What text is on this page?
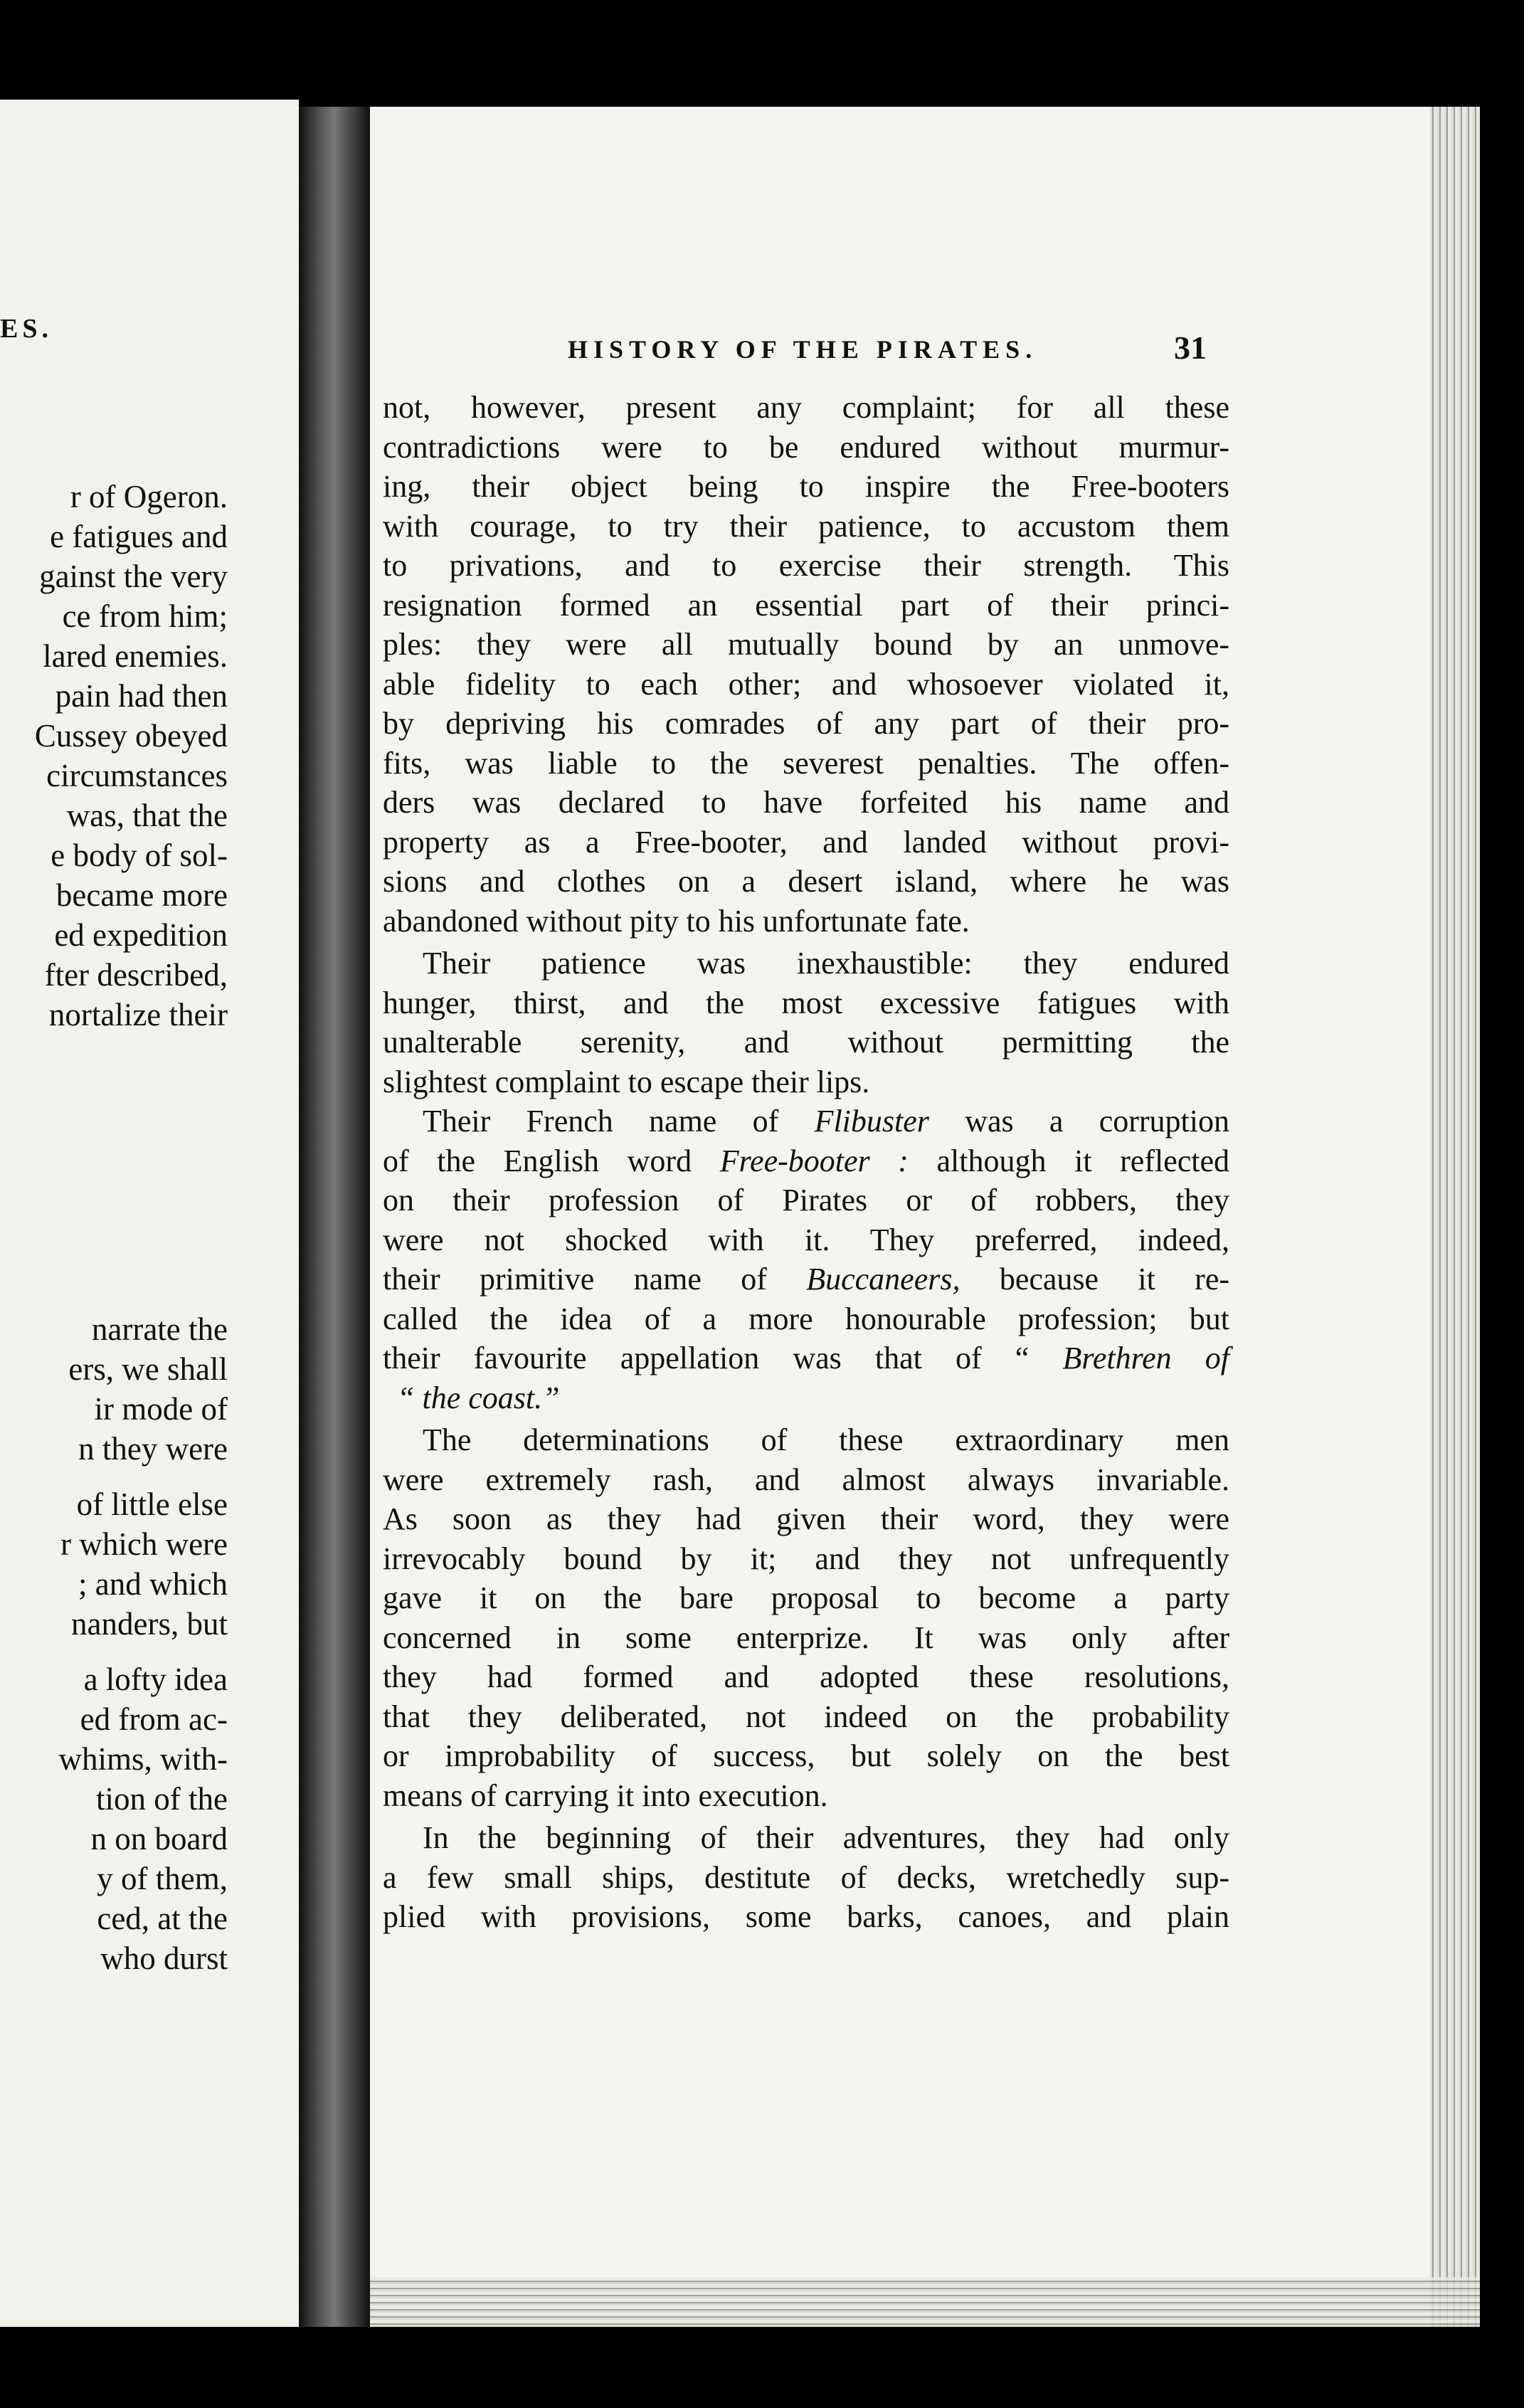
ES.
r of Ogeron.
e fatigues and
gainst the very
ce from him;
lared enemies.
pain had then
Cussey obeyed
circumstances
was, that the
e body of sol-
became more
ed expedition
fter described,
nortalize their
narrate the
ers, we shall
ir mode of
n they were
of little else
r which were
; and which
nanders, but
a lofty idea
ed from ac-
whims, with-
tion of the
n on board
y of them,
ced, at the
who durst
HISTORY OF THE PIRATES.	31
not, however, present any complaint; for all these
contradictions were to be endured without murmur-
ing, their object being to inspire the Free-booters
with courage, to try their patience, to accustom them
to privations, and to exercise their strength. This
resignation formed an essential part of their princi-
ples: they were all mutually bound by an unmove-
able fidelity to each other; and whosoever violated it,
by depriving his comrades of any part of their pro-
fits, was liable to the severest penalties. The offen-
ders was declared to have forfeited his name and
property as a Free-booter, and landed without provi-
sions and clothes on a desert island, where he was
abandoned without pity to his unfortunate fate.
Their patience was inexhaustible: they endured
hunger, thirst, and the most excessive fatigues with
unalterable serenity, and without permitting the
slightest complaint to escape their lips.
Their French name of Flibuster was a corruption
of the English word Free-booter : although it reflected
on their profession of Pirates or of robbers, they
were not shocked with it. They preferred, indeed,
their primitive name of Buccaneers, because it re-
called the idea of a more honourable profession; but
their favourite appellation was that of “ Brethren of
“ the coast.”
The determinations of these extraordinary men
were extremely rash, and almost always invariable.
As soon as they had given their word, they were
irrevocably bound by it; and they not unfrequently
gave it on the bare proposal to become a party
concerned in some enterprize. It was only after
they had formed and adopted these resolutions,
that they deliberated, not indeed on the probability
or improbability of success, but solely on the best
means of carrying it into execution.
In the beginning of their adventures, they had only
a few small ships, destitute of decks, wretchedly sup-
plied with provisions, some barks, canoes, and plain
